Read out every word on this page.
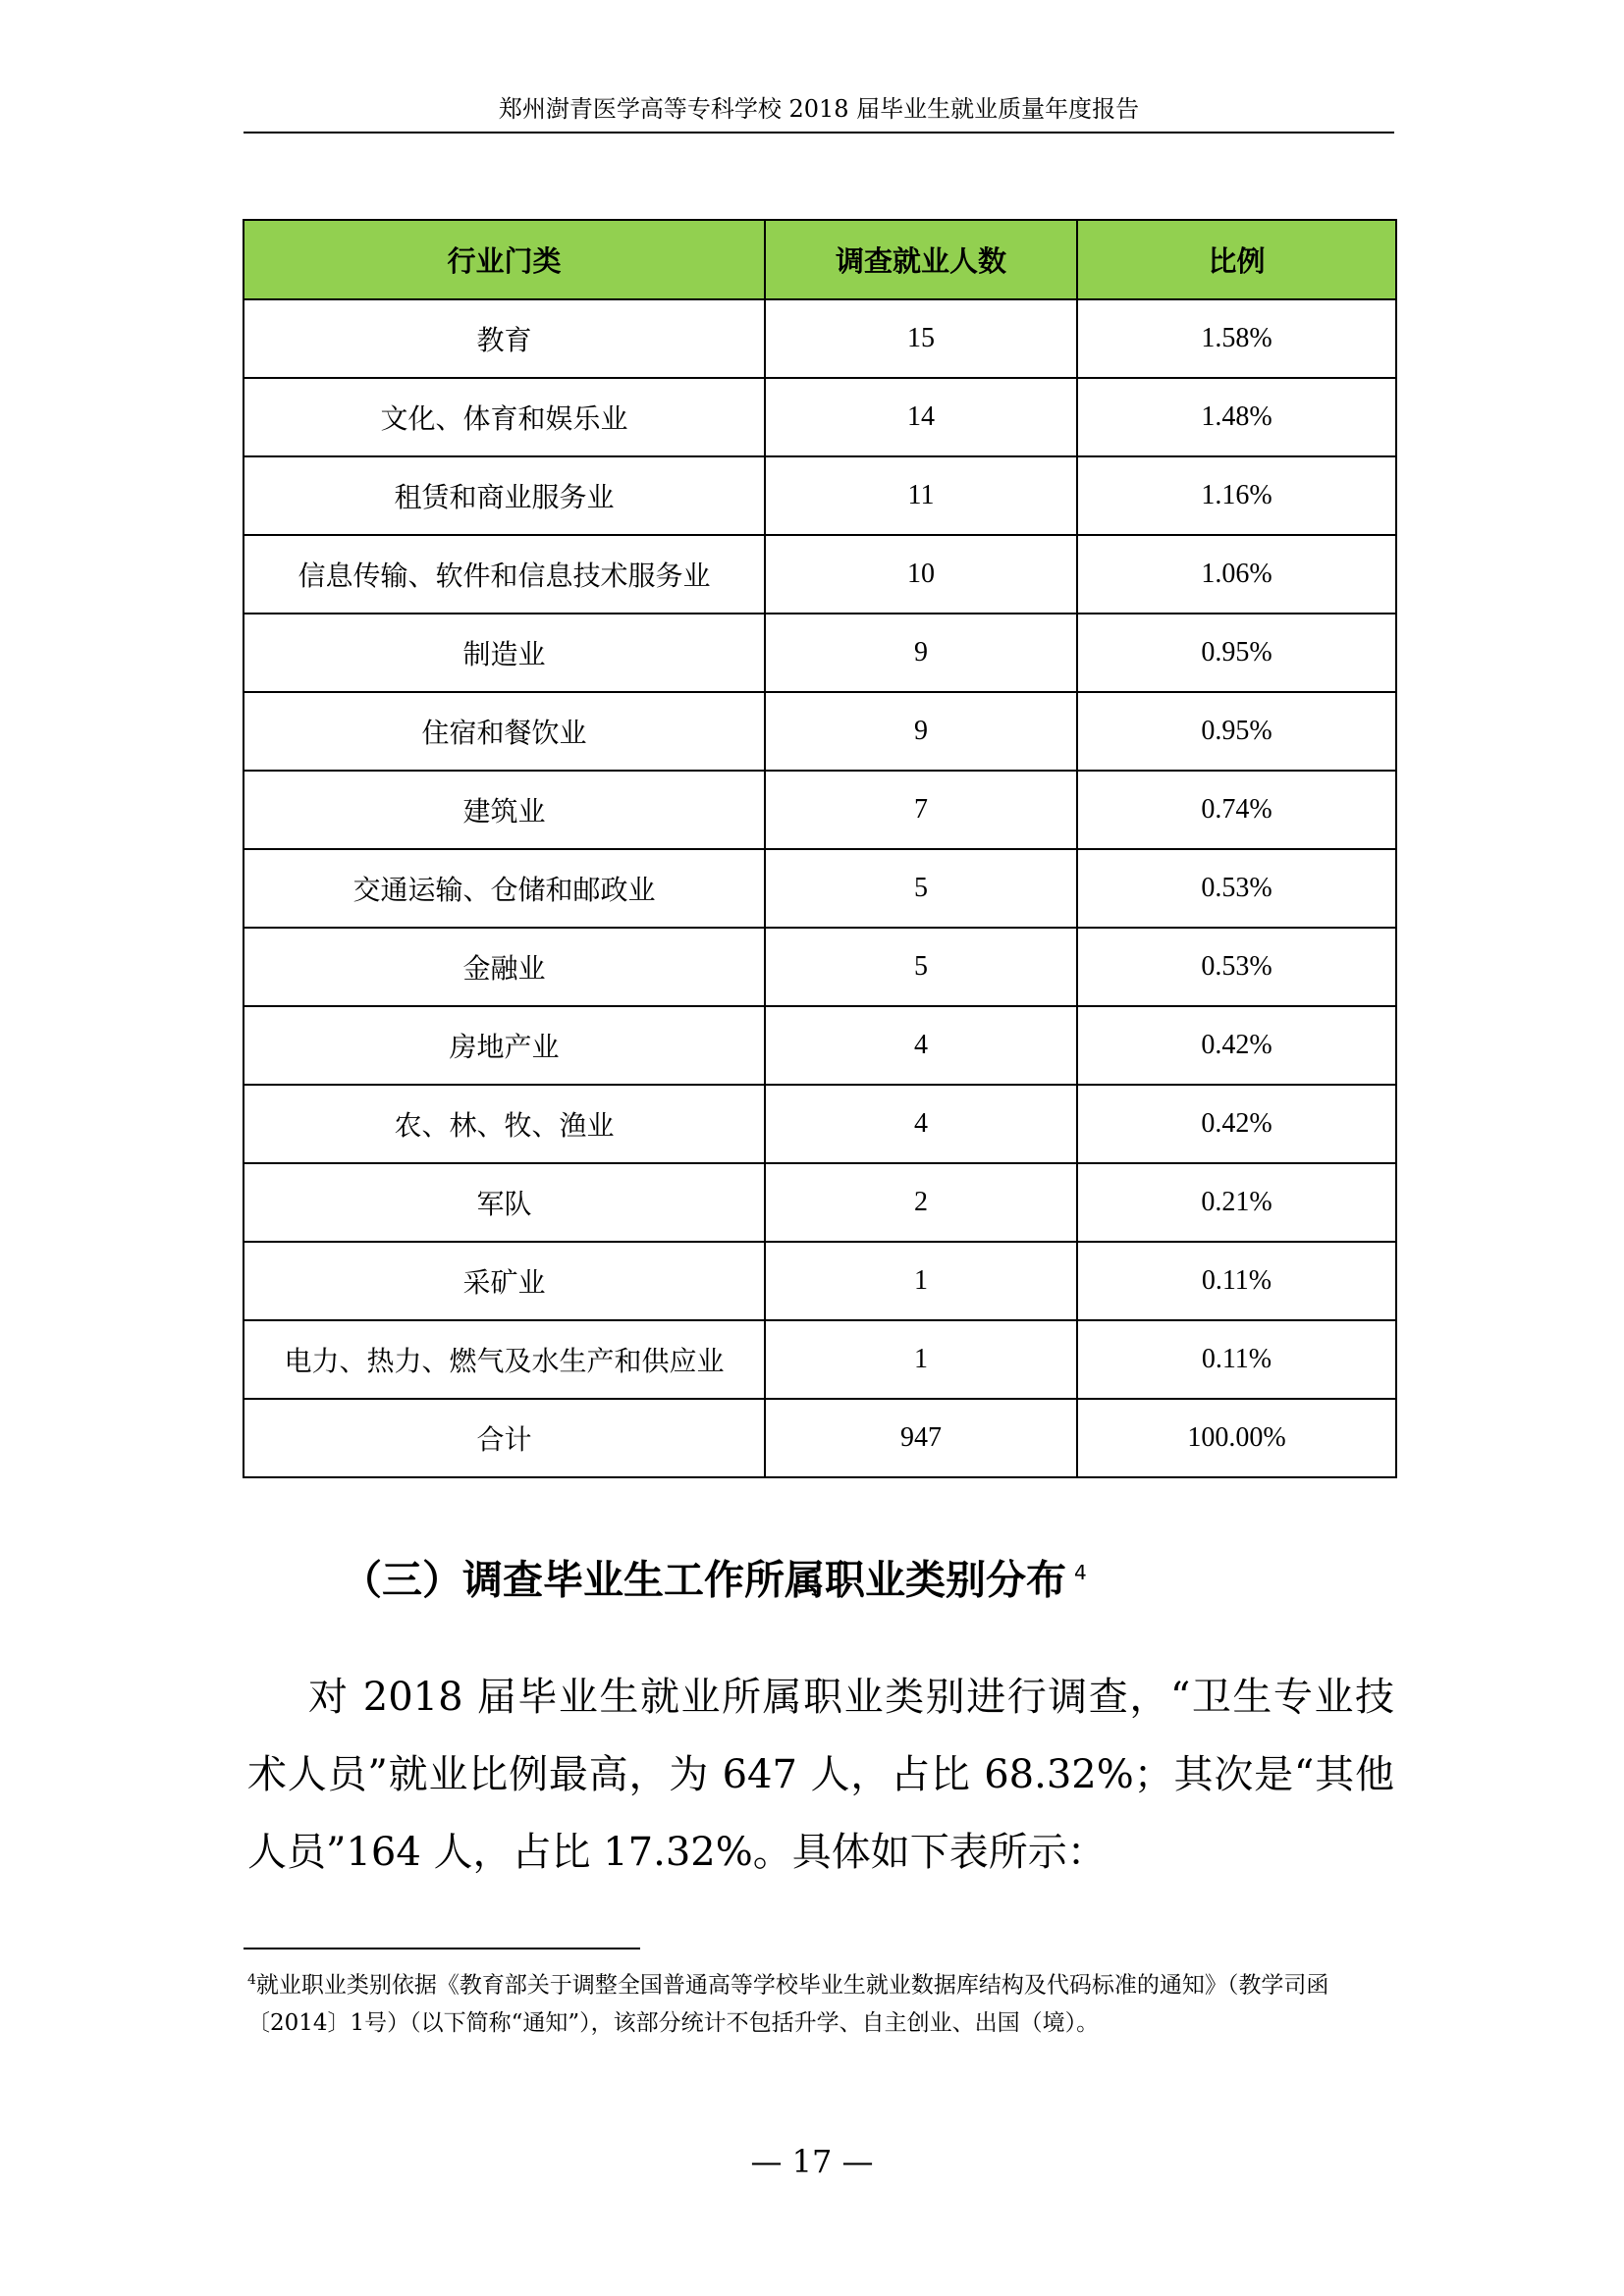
郑州澍青医学高等专科学校 2018 届毕业生就业质量年度报告
行业门类	调查就业人数	比例
教育	15	1.58%
文化、体育和娱乐业	14	1.48%
租赁和商业服务业	11	1.16%
信息传输、软件和信息技术服务业	10	1.06%
制造业	9	0.95%
住宿和餐饮业	9	0.95%
建筑业	7	0.74%
交通运输、仓储和邮政业	5	0.53%
金融业	5	0.53%
房地产业	4	0.42%
农、林、牧、渔业	4	0.42%
军队	2	0.21%
采矿业	1	0.11%
电力、热力、燃气及水生产和供应业	1	0.11%
合计	947	100.00%
（三）调查毕业生工作所属职业类别分布 $^4$

对 2018 届毕业生就业所属职业类别进行调查，“卫生专业技术人员”就业比例最高，为 647 人，占比 68.32%；其次是“其他人员”164 人，占比 17.32%。具体如下表所示：

$^4$就业职业类别依据《教育部关于调整全国普通高等学校毕业生就业数据库结构及代码标准的通知》（教学司函〔2014〕1号）（以下简称“通知”），该部分统计不包括升学、自主创业、出国（境）。

— 17 —
